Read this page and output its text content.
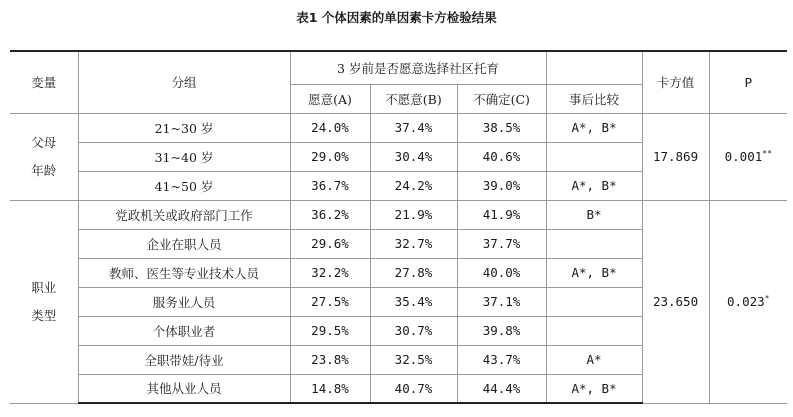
表1 个体因素的单因素卡方检验结果
变量	分组	3 岁前是否愿意选择社区托育				卡方值	P
		愿意(A)	不愿意(B)	不确定(C)	事后比较		

父母
年龄	21~30 岁	24.0%	37.4%	38.5%	A*, B*	17.869	0.001**
	31~40 岁	29.0%	30.4%	40.6%			
	41~50 岁	36.7%	24.2%	39.0%	A*, B*		

职业
类型	党政机关或政府部门工作	36.2%	21.9%	41.9%	B*	23.650	0.023*
	企业在职人员	29.6%	32.7%	37.7%			
	教师、医生等专业技术人员	32.2%	27.8%	40.0%	A*, B*		
	服务业人员	27.5%	35.4%	37.1%			
	个体职业者	29.5%	30.7%	39.8%			
	全职带娃/待业	23.8%	32.5%	43.7%	A*		
	其他从业人员	14.8%	40.7%	44.4%	A*, B*		
